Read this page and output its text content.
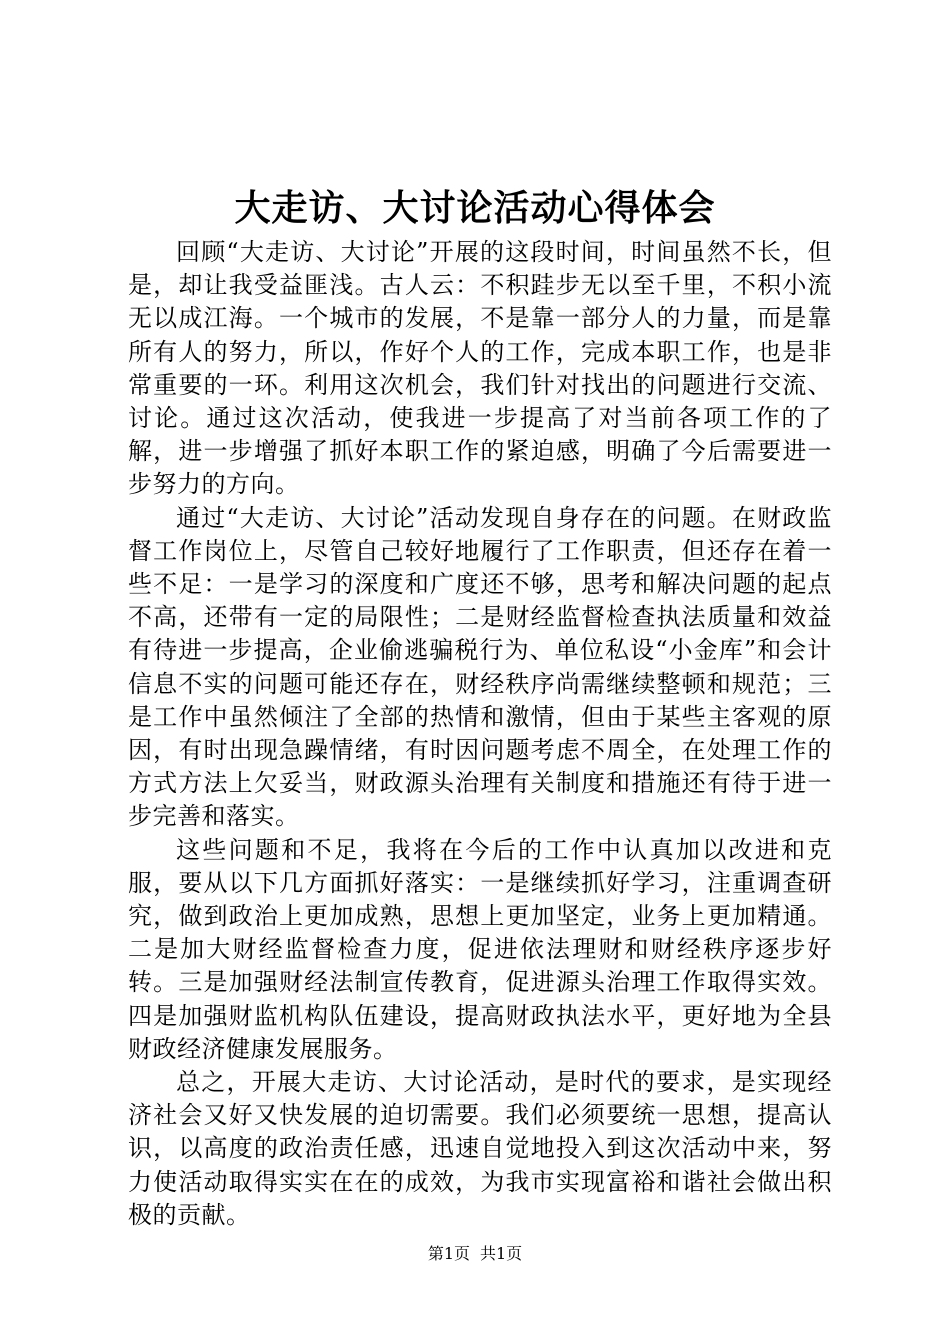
大走访、大讨论活动心得体会

回顾“大走访、大讨论”开展的这段时间，时间虽然不长，但是，却让我受益匪浅。古人云：不积跬步无以至千里，不积小流无以成江海。一个城市的发展，不是靠一部分人的力量，而是靠所有人的努力，所以，作好个人的工作，完成本职工作，也是非常重要的一环。利用这次机会，我们针对找出的问题进行交流、讨论。通过这次活动，使我进一步提高了对当前各项工作的了解，进一步增强了抓好本职工作的紧迫感，明确了今后需要进一步努力的方向。

通过“大走访、大讨论”活动发现自身存在的问题。在财政监督工作岗位上，尽管自己较好地履行了工作职责，但还存在着一些不足：一是学习的深度和广度还不够，思考和解决问题的起点不高，还带有一定的局限性；二是财经监督检查执法质量和效益有待进一步提高，企业偷逃骗税行为、单位私设“小金库”和会计信息不实的问题可能还存在，财经秩序尚需继续整顿和规范；三是工作中虽然倾注了全部的热情和激情，但由于某些主客观的原因，有时出现急躁情绪，有时因问题考虑不周全，在处理工作的方式方法上欠妥当，财政源头治理有关制度和措施还有待于进一步完善和落实。

这些问题和不足，我将在今后的工作中认真加以改进和克服，要从以下几方面抓好落实：一是继续抓好学习，注重调查研究，做到政治上更加成熟，思想上更加坚定，业务上更加精通。二是加大财经监督检查力度，促进依法理财和财经秩序逐步好转。三是加强财经法制宣传教育，促进源头治理工作取得实效。四是加强财监机构队伍建设，提高财政执法水平，更好地为全县财政经济健康发展服务。

总之，开展大走访、大讨论活动，是时代的要求，是实现经济社会又好又快发展的迫切需要。我们必须要统一思想，提高认识，以高度的政治责任感，迅速自觉地投入到这次活动中来，努力使活动取得实实在在的成效，为我市实现富裕和谐社会做出积极的贡献。

第1页 共1页
